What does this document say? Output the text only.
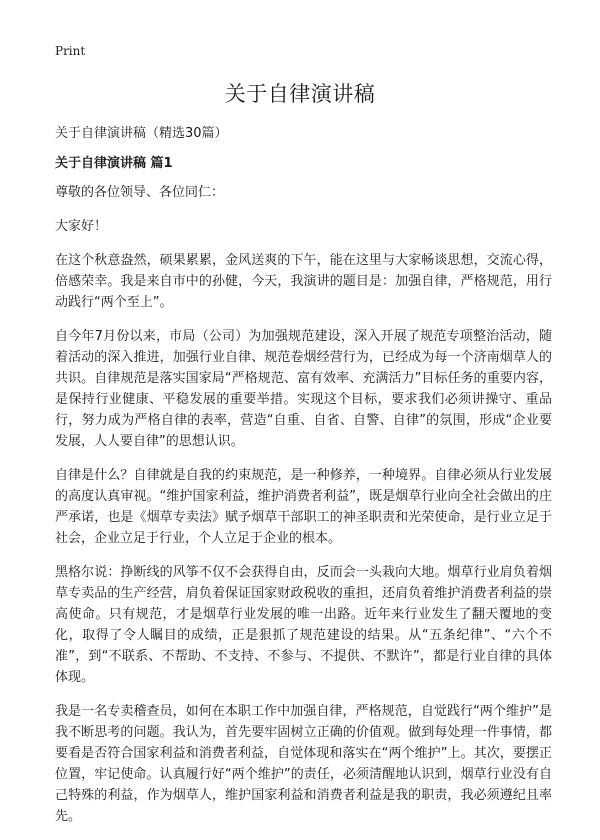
Print
关于自律演讲稿

关于自律演讲稿（精选30篇）

关于自律演讲稿 篇1

尊敬的各位领导、各位同仁：

大家好！

在这个秋意盎然，硕果累累，金风送爽的下午，能在这里与大家畅谈思想，交流心得，倍感荣幸。我是来自市中的孙健，今天，我演讲的题目是：加强自律，严格规范，用行动践行“两个至上”。

自今年7月份以来，市局（公司）为加强规范建设，深入开展了规范专项整治活动，随着活动的深入推进，加强行业自律、规范卷烟经营行为，已经成为每一个济南烟草人的共识。自律规范是落实国家局“严格规范、富有效率、充满活力”目标任务的重要内容，是保持行业健康、平稳发展的重要举措。实现这个目标，要求我们必须讲操守、重品行，努力成为严格自律的表率，营造“自重、自省、自警、自律”的氛围，形成“企业要发展，人人要自律”的思想认识。

自律是什么？自律就是自我的约束规范，是一种修养，一种境界。自律必须从行业发展的高度认真审视。“维护国家利益，维护消费者利益”，既是烟草行业向全社会做出的庄严承诺，也是《烟草专卖法》赋予烟草干部职工的神圣职责和光荣使命，是行业立足于社会，企业立足于行业，个人立足于企业的根本。

黑格尔说：挣断线的风筝不仅不会获得自由，反而会一头栽向大地。烟草行业肩负着烟草专卖品的生产经营，肩负着保证国家财政税收的重担，还肩负着维护消费者利益的崇高使命。只有规范，才是烟草行业发展的唯一出路。近年来行业发生了翻天覆地的变化，取得了令人瞩目的成绩，正是狠抓了规范建设的结果。从“五条纪律”、“六个不准”，到“不联系、不帮助、不支持、不参与、不提供、不默许”，都是行业自律的具体体现。

我是一名专卖稽查员，如何在本职工作中加强自律，严格规范，自觉践行“两个维护”是我不断思考的问题。我认为，首先要牢固树立正确的价值观。做到每处理一件事情，都要看是否符合国家利益和消费者利益，自觉体现和落实在“两个维护”上。其次，要摆正位置，牢记使命。认真履行好“两个维护”的责任，必须清醒地认识到，烟草行业没有自己特殊的利益，作为烟草人，维护国家利益和消费者利益是我的职责，我必须遵纪且率先。
